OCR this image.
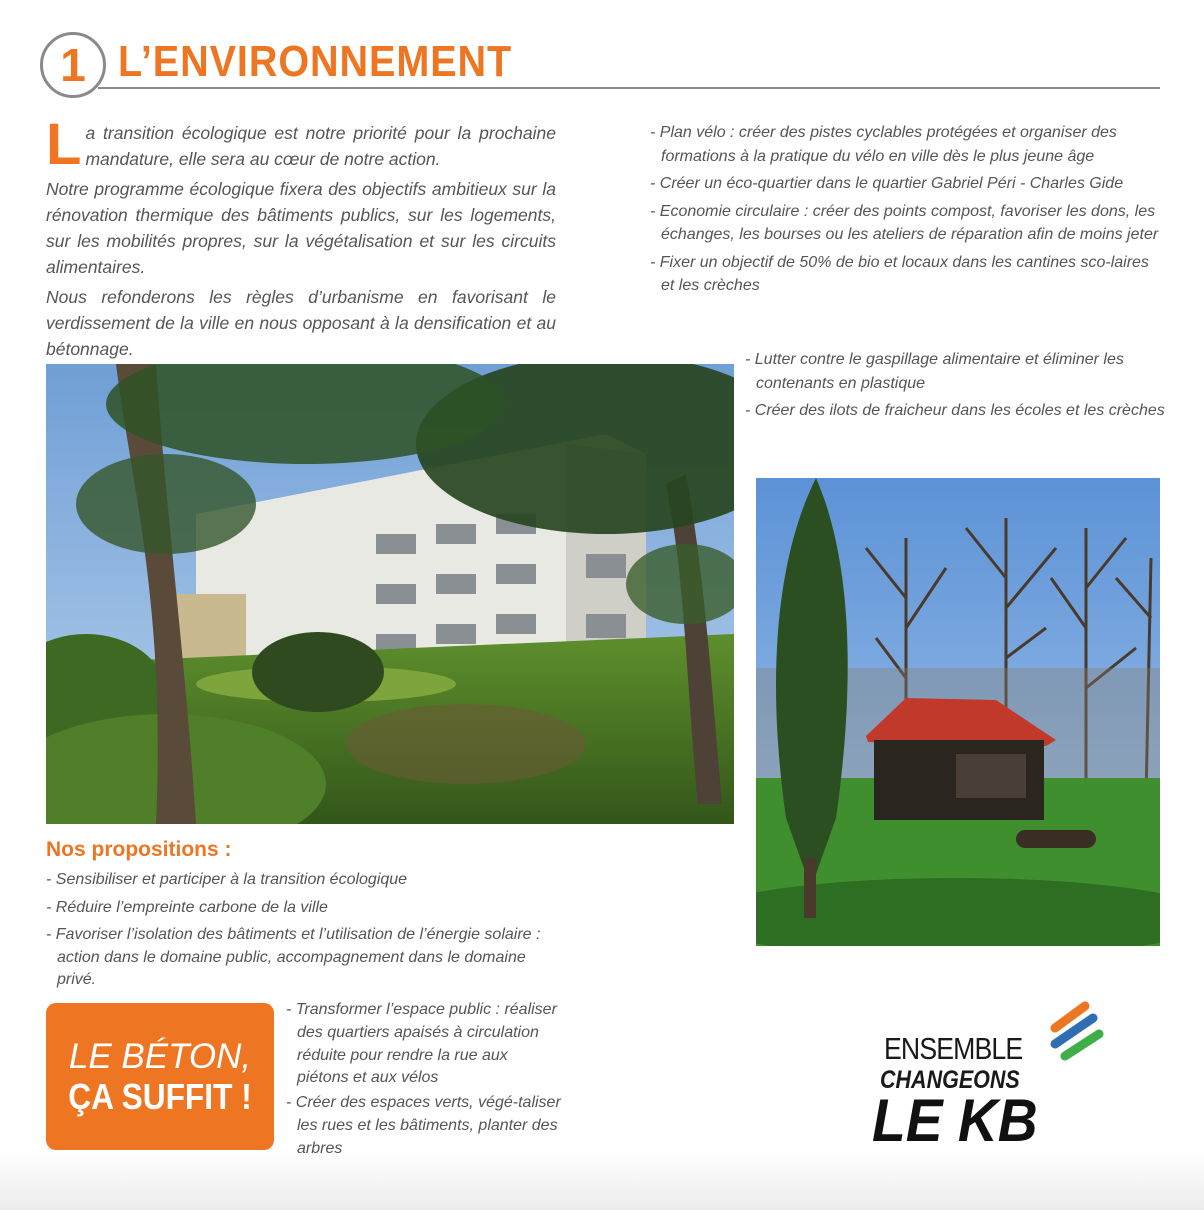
1 L’ENVIRONNEMENT

La transition écologique est notre priorité pour la prochaine mandature, elle sera au cœur de notre action.

Notre programme écologique fixera des objectifs ambitieux sur la rénovation thermique des bâtiments publics, sur les logements, sur les mobilités propres, sur la végétalisation et sur les circuits alimentaires.

Nous refonderons les règles d’urbanisme en favorisant le verdissement de la ville en nous opposant à la densification et au bétonnage.

- Plan vélo : créer des pistes cyclables protégées et organiser des formations à la pratique du vélo en ville dès le plus jeune âge
- Créer un éco-quartier dans le quartier Gabriel Péri - Charles Gide
- Economie circulaire : créer des points compost, favoriser les dons, les échanges, les bourses ou les ateliers de réparation afin de moins jeter
- Fixer un objectif de 50% de bio et locaux dans les cantines sco-laires et les crèches
- Lutter contre le gaspillage alimentaire et éliminer les contenants en plastique
- Créer des ilots de fraicheur dans les écoles et les crèches
Nos propositions :
- Sensibiliser et participer à la transition écologique
- Réduire l’empreinte carbone de la ville
- Favoriser l’isolation des bâtiments et l’utilisation de l’énergie solaire : action dans le domaine public, accompagnement dans le domaine privé.
- Transformer l’espace public : réaliser des quartiers apaisés à circulation réduite pour rendre la rue aux piétons et aux vélos
- Créer des espaces verts, végé-taliser les rues et les bâtiments, planter des arbres
LE BÉTON,
ÇA SUFFIT !
ENSEMBLE
CHANGEONS
LE KB
